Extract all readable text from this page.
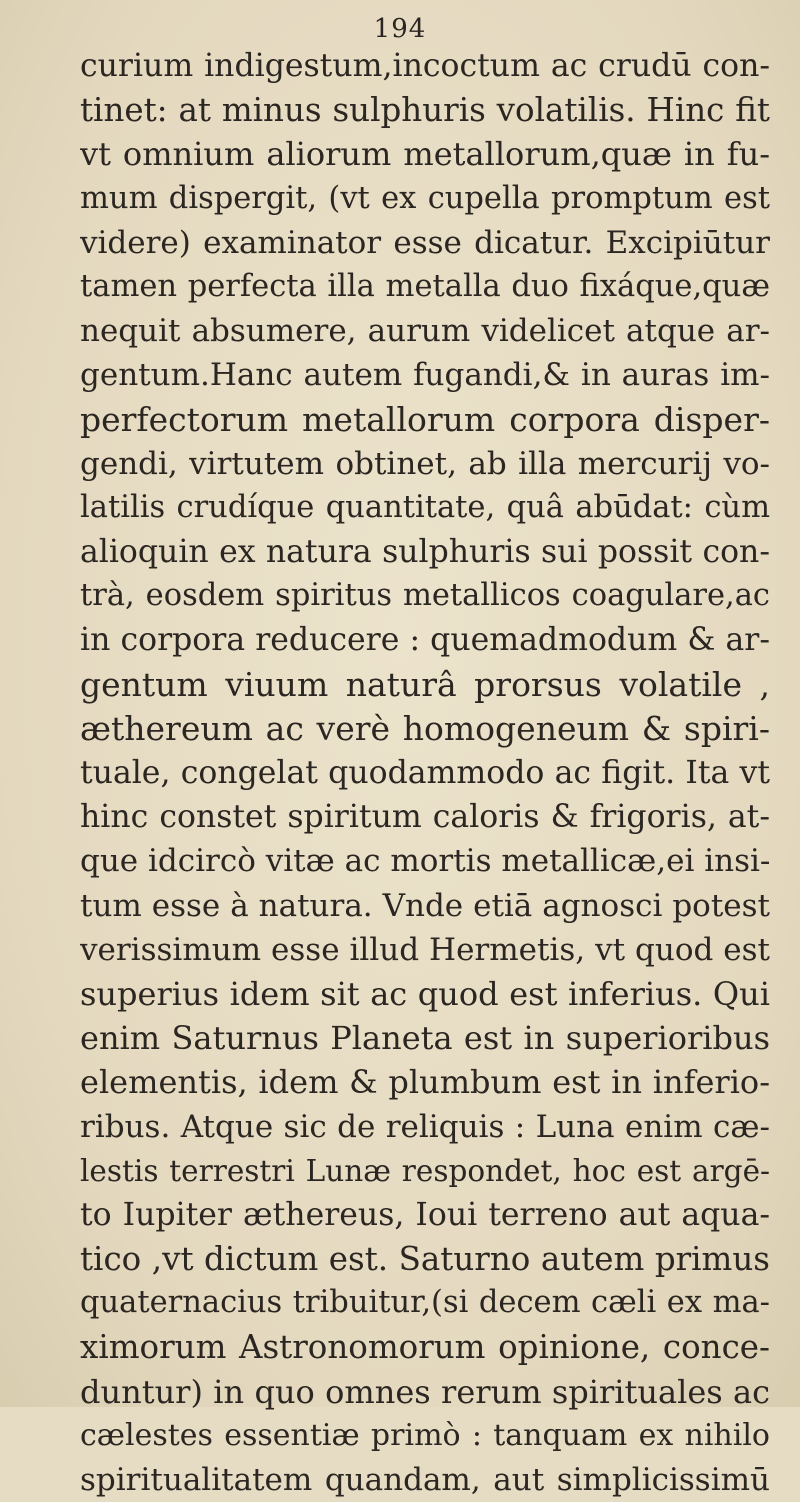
194
curium indigestum,incoctum ac crudū con-
tinet: at minus sulphuris volatilis. Hinc fit
vt omnium aliorum metallorum,quæ in fu-
mum dispergit, (vt ex cupella promptum est
videre) examinator esse dicatur. Excipiūtur
tamen perfecta illa metalla duo fixáque,quæ
nequit absumere, aurum videlicet atque ar-
gentum.Hanc autem fugandi,& in auras im-
perfectorum metallorum corpora disper-
gendi, virtutem obtinet, ab illa mercurij vo-
latilis crudíque quantitate, quâ abūdat: cùm
alioquin ex natura sulphuris sui possit con-
trà, eosdem spiritus metallicos coagulare,ac
in corpora reducere : quemadmodum & ar-
gentum viuum naturâ prorsus volatile ,
æthereum ac verè homogeneum & spiri-
tuale, congelat quodammodo ac figit. Ita vt
hinc constet spiritum caloris & frigoris, at-
que idcircò vitæ ac mortis metallicæ,ei insi-
tum esse à natura. Vnde etiā agnosci potest
verissimum esse illud Hermetis, vt quod est
superius idem sit ac quod est inferius. Qui
enim Saturnus Planeta est in superioribus
elementis, idem & plumbum est in inferio-
ribus. Atque sic de reliquis : Luna enim cæ-
lestis terrestri Lunæ respondet, hoc est argē-
to Iupiter æthereus, Ioui terreno aut aqua-
tico ,vt dictum est. Saturno autem primus
quaternacius tribuitur,(si decem cæli ex ma-
ximorum Astronomorum opinione, conce-
duntur) in quo omnes rerum spirituales ac
cælestes essentiæ primò : tanquam ex nihilo
spiritualitatem quandam, aut simplicissimū
